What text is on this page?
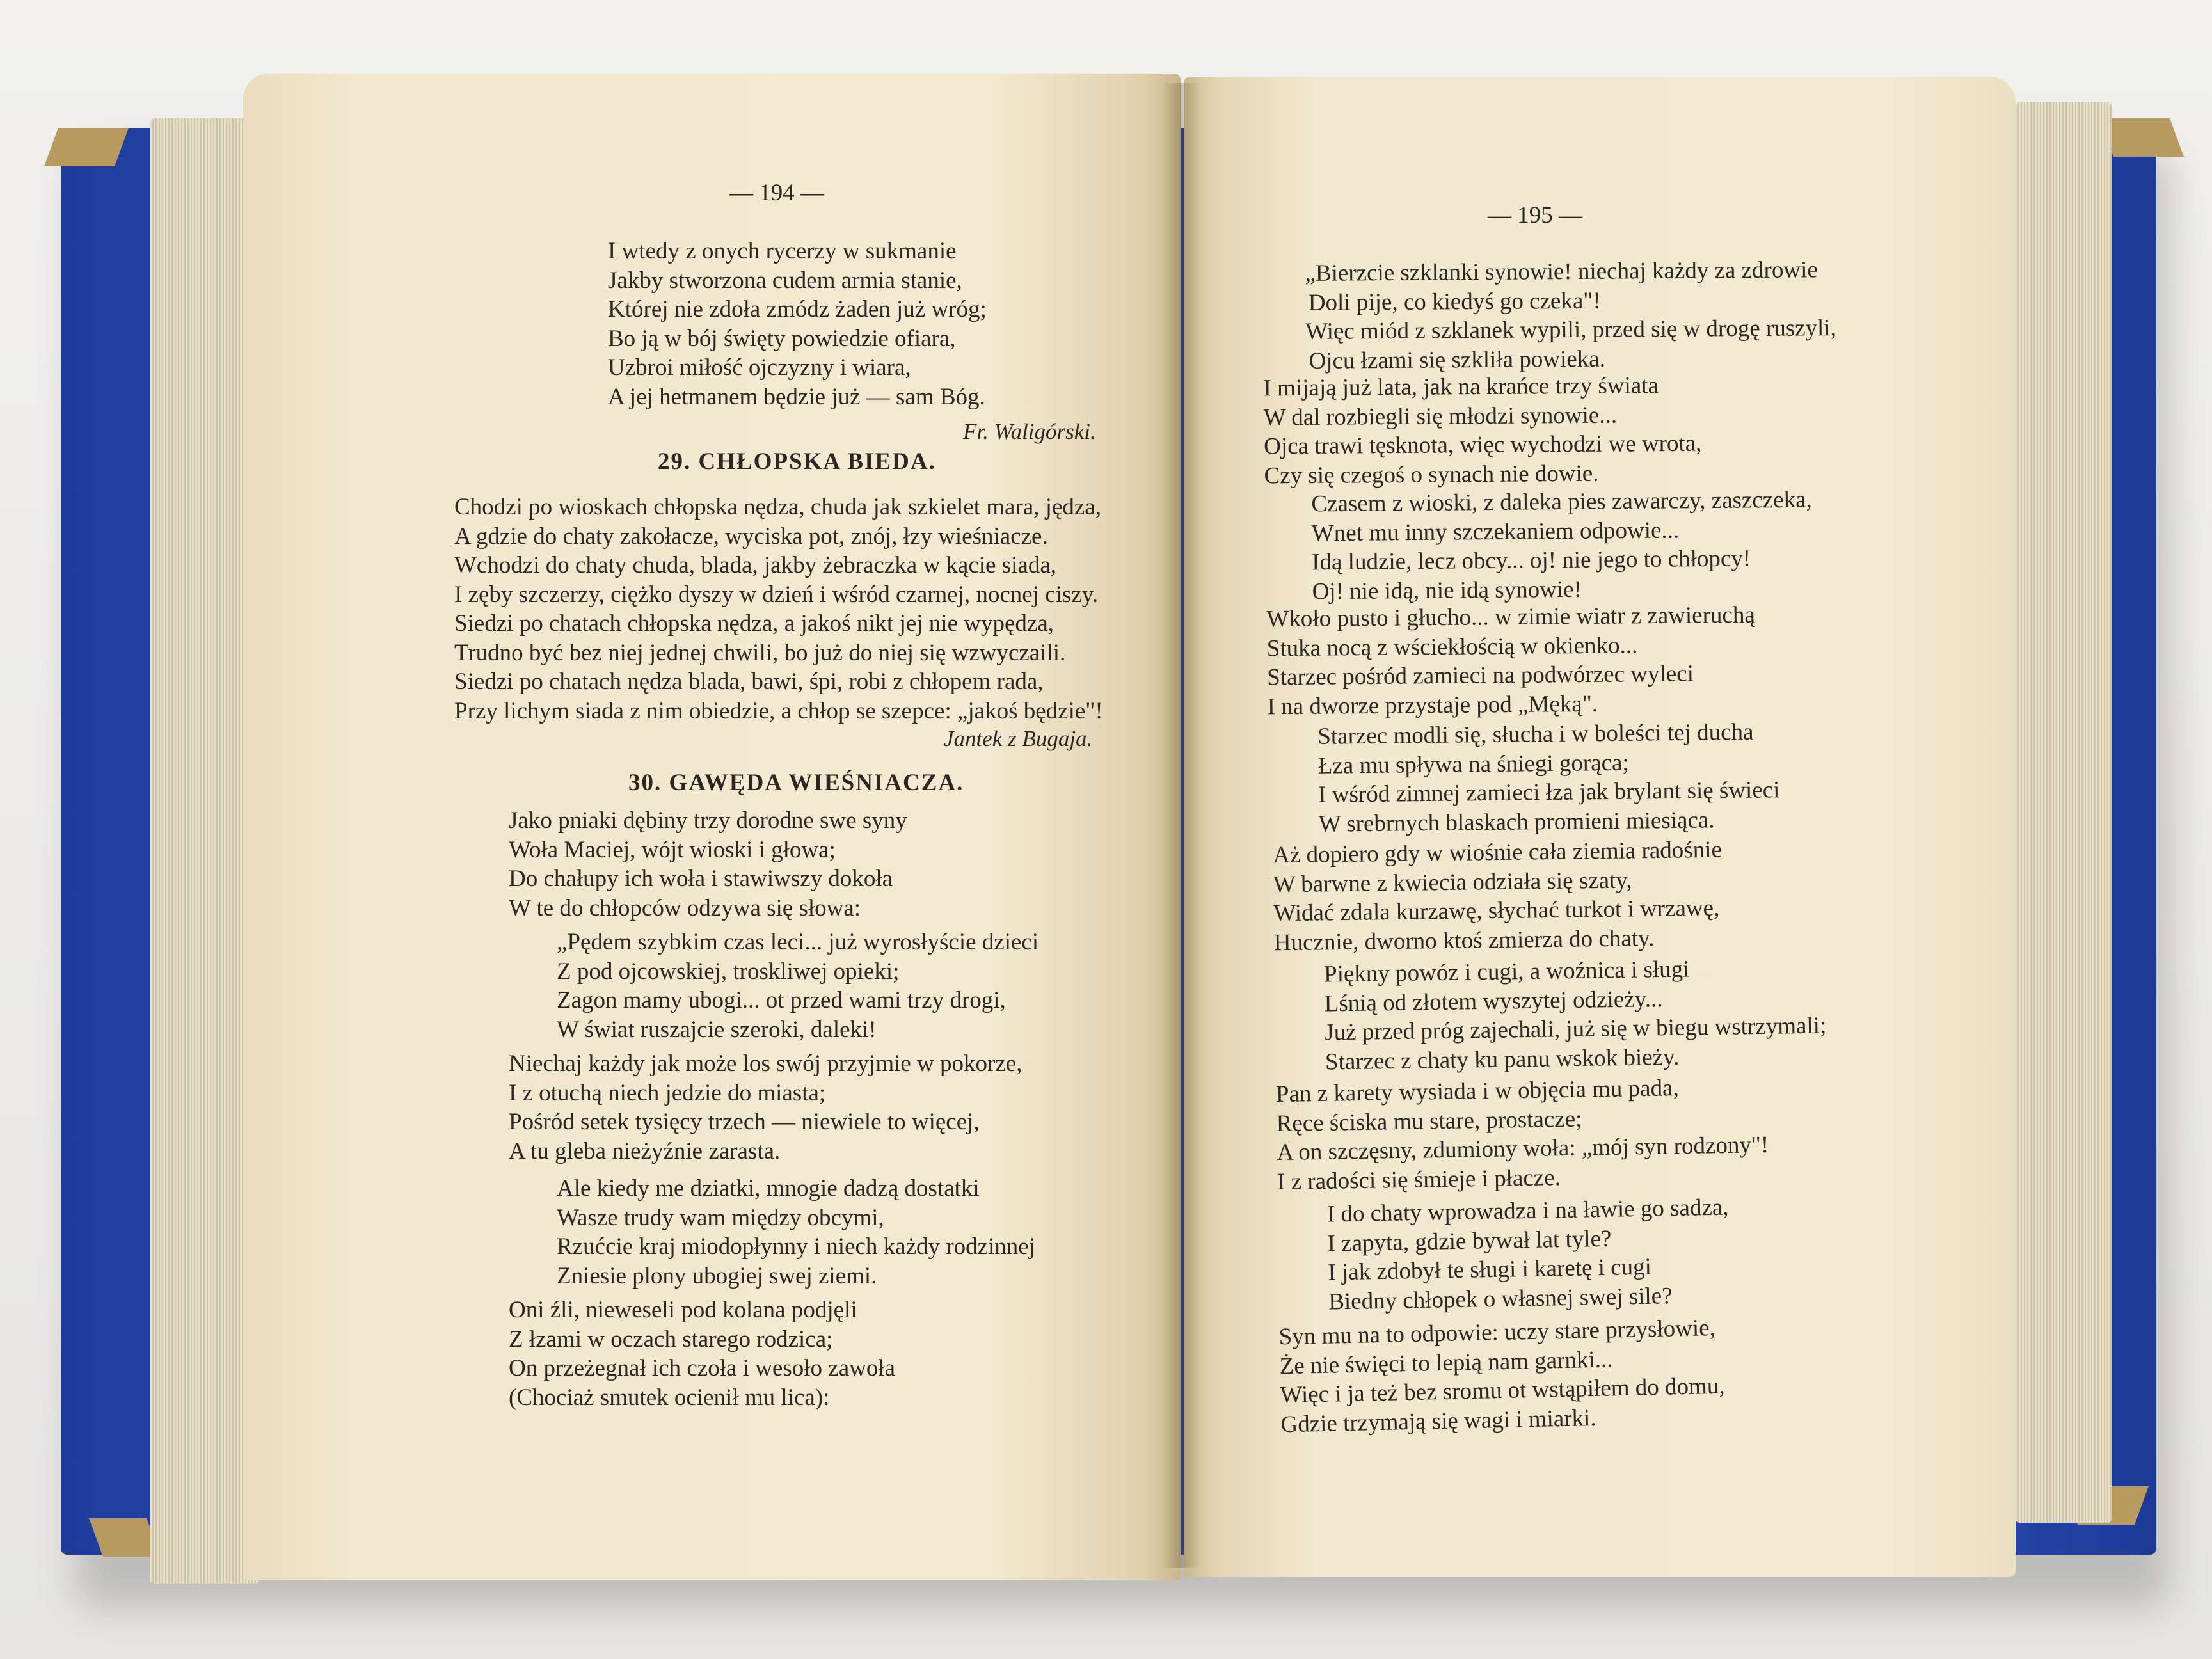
— 194 —
I wtedy z onych rycerzy w sukmanie
Jakby stworzona cudem armia stanie,
Której nie zdoła zmódz żaden już wróg;
Bo ją w bój święty powiedzie ofiara,
Uzbroi miłość ojczyzny i wiara,
A jej hetmanem będzie już — sam Bóg.
Fr. Waligórski.
29. CHŁOPSKA BIEDA.
Chodzi po wioskach chłopska nędza, chuda jak szkielet mara, jędza,
A gdzie do chaty zakołacze, wyciska pot, znój, łzy wieśniacze.
Wchodzi do chaty chuda, blada, jakby żebraczka w kącie siada,
I zęby szczerzy, ciężko dyszy w dzień i wśród czarnej, nocnej ciszy.
Siedzi po chatach chłopska nędza, a jakoś nikt jej nie wypędza,
Trudno być bez niej jednej chwili, bo już do niej się wzwyczaili.
Siedzi po chatach nędza blada, bawi, śpi, robi z chłopem rada,
Przy lichym siada z nim obiedzie, a chłop se szepce: „jakoś będzie"!
Jantek z Bugaja.
30. GAWĘDA WIEŚNIACZA.
Jako pniaki dębiny trzy dorodne swe syny
Woła Maciej, wójt wioski i głowa;
Do chałupy ich woła i stawiwszy dokoła
W te do chłopców odzywa się słowa:
„Pędem szybkim czas leci... już wyrosłyście dzieci
Z pod ojcowskiej, troskliwej opieki;
Zagon mamy ubogi... ot przed wami trzy drogi,
W świat ruszajcie szeroki, daleki!
Niechaj każdy jak może los swój przyjmie w pokorze,
I z otuchą niech jedzie do miasta;
Pośród setek tysięcy trzech — niewiele to więcej,
A tu gleba nieżyźnie zarasta.
Ale kiedy me dziatki, mnogie dadzą dostatki
Wasze trudy wam między obcymi,
Rzućcie kraj miodopłynny i niech każdy rodzinnej
Zniesie plony ubogiej swej ziemi.
Oni źli, nieweseli pod kolana podjęli
Z łzami w oczach starego rodzica;
On przeżegnał ich czoła i wesoło zawoła
(Chociaż smutek ocienił mu lica):
— 195 —
„Bierzcie szklanki synowie! niechaj każdy za zdrowie
Doli pije, co kiedyś go czeka"!
Więc miód z szklanek wypili, przed się w drogę ruszyli,
Ojcu łzami się szkliła powieka.
I mijają już lata, jak na krańce trzy świata
W dal rozbiegli się młodzi synowie...
Ojca trawi tęsknota, więc wychodzi we wrota,
Czy się czegoś o synach nie dowie.
Czasem z wioski, z daleka pies zawarczy, zaszczeka,
Wnet mu inny szczekaniem odpowie...
Idą ludzie, lecz obcy... oj! nie jego to chłopcy!
Oj! nie idą, nie idą synowie!
Wkoło pusto i głucho... w zimie wiatr z zawieruchą
Stuka nocą z wściekłością w okienko...
Starzec pośród zamieci na podwórzec wyleci
I na dworze przystaje pod „Męką".
Starzec modli się, słucha i w boleści tej ducha
Łza mu spływa na śniegi gorąca;
I wśród zimnej zamieci łza jak brylant się świeci
W srebrnych blaskach promieni miesiąca.
Aż dopiero gdy w wiośnie cała ziemia radośnie
W barwne z kwiecia odziała się szaty,
Widać zdala kurzawę, słychać turkot i wrzawę,
Hucznie, dworno ktoś zmierza do chaty.
Piękny powóz i cugi, a woźnica i sługi
Lśnią od złotem wyszytej odzieży...
Już przed próg zajechali, już się w biegu wstrzymali;
Starzec z chaty ku panu wskok bieży.
Pan z karety wysiada i w objęcia mu pada,
Ręce ściska mu stare, prostacze;
A on szczęsny, zdumiony woła: „mój syn rodzony"!
I z radości się śmieje i płacze.
I do chaty wprowadza i na ławie go sadza,
I zapyta, gdzie bywał lat tyle?
I jak zdobył te sługi i karetę i cugi
Biedny chłopek o własnej swej sile?
Syn mu na to odpowie: uczy stare przysłowie,
Że nie święci to lepią nam garnki...
Więc i ja też bez sromu ot wstąpiłem do domu,
Gdzie trzymają się wagi i miarki.
